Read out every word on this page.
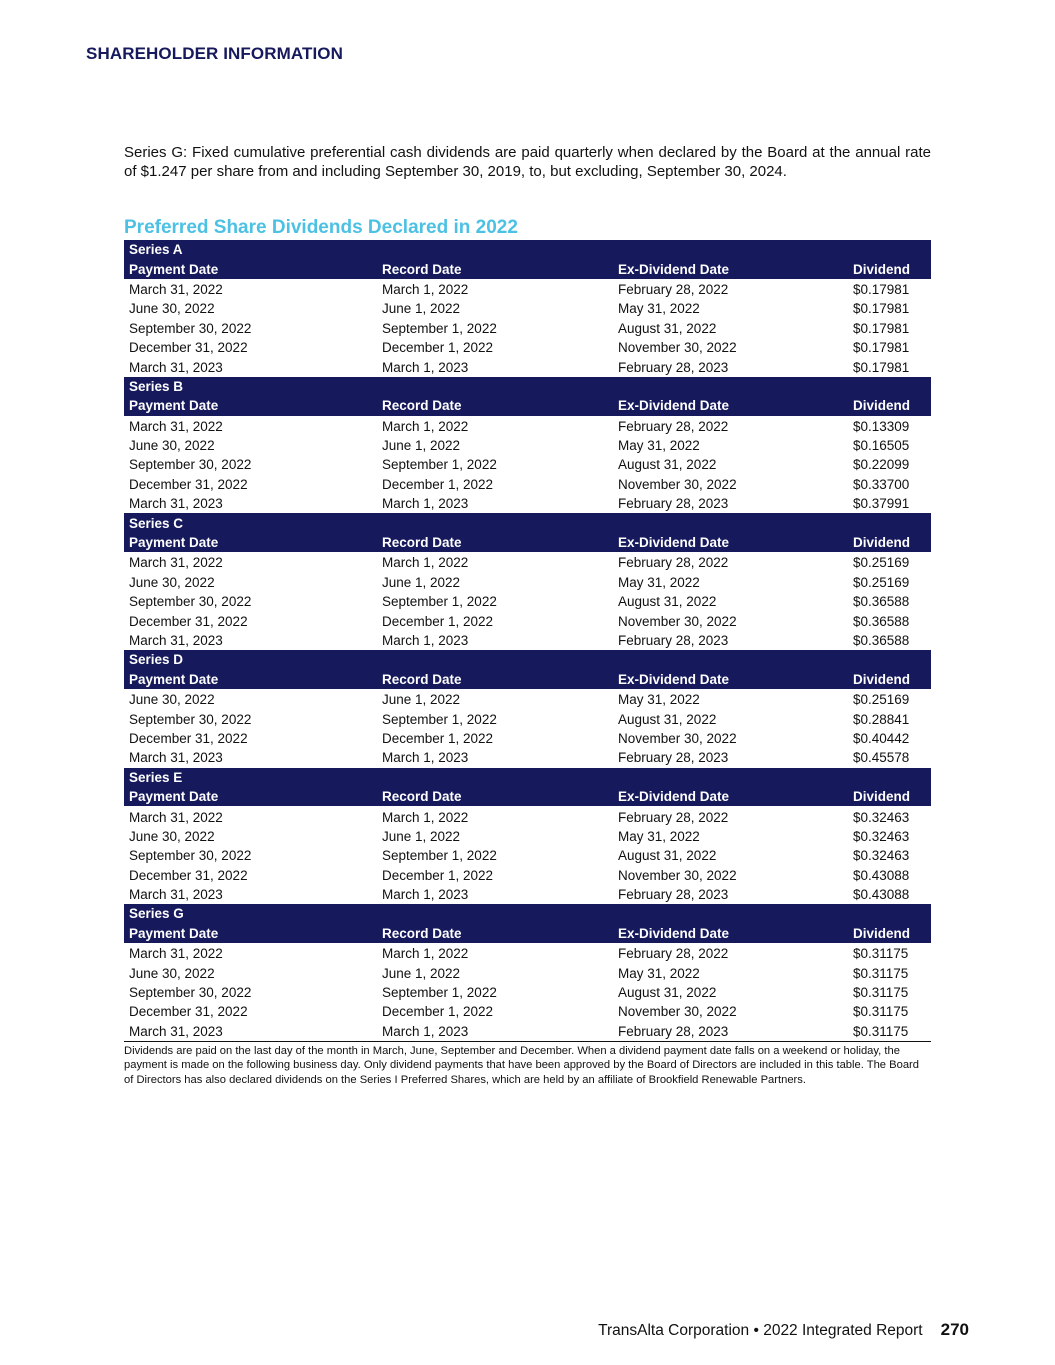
SHAREHOLDER INFORMATION
Series G: Fixed cumulative preferential cash dividends are paid quarterly when declared by the Board at the annual rate of $1.247 per share from and including September 30, 2019, to, but excluding, September 30, 2024.
Preferred Share Dividends Declared in 2022
Series A			
Payment Date	Record Date	Ex-Dividend Date	Dividend
March 31, 2022	March 1, 2022	February 28, 2022	$0.17981
June 30, 2022	June 1, 2022	May 31, 2022	$0.17981
September 30, 2022	September 1, 2022	August 31, 2022	$0.17981
December 31, 2022	December 1, 2022	November 30, 2022	$0.17981
March 31, 2023	March 1, 2023	February 28, 2023	$0.17981
Series B			
Payment Date	Record Date	Ex-Dividend Date	Dividend
March 31, 2022	March 1, 2022	February 28, 2022	$0.13309
June 30, 2022	June 1, 2022	May 31, 2022	$0.16505
September 30, 2022	September 1, 2022	August 31, 2022	$0.22099
December 31, 2022	December 1, 2022	November 30, 2022	$0.33700
March 31, 2023	March 1, 2023	February 28, 2023	$0.37991
Series C			
Payment Date	Record Date	Ex-Dividend Date	Dividend
March 31, 2022	March 1, 2022	February 28, 2022	$0.25169
June 30, 2022	June 1, 2022	May 31, 2022	$0.25169
September 30, 2022	September 1, 2022	August 31, 2022	$0.36588
December 31, 2022	December 1, 2022	November 30, 2022	$0.36588
March 31, 2023	March 1, 2023	February 28, 2023	$0.36588
Series D			
Payment Date	Record Date	Ex-Dividend Date	Dividend
June 30, 2022	June 1, 2022	May 31, 2022	$0.25169
September 30, 2022	September 1, 2022	August 31, 2022	$0.28841
December 31, 2022	December 1, 2022	November 30, 2022	$0.40442
March 31, 2023	March 1, 2023	February 28, 2023	$0.45578
Series E			
Payment Date	Record Date	Ex-Dividend Date	Dividend
March 31, 2022	March 1, 2022	February 28, 2022	$0.32463
June 30, 2022	June 1, 2022	May 31, 2022	$0.32463
September 30, 2022	September 1, 2022	August 31, 2022	$0.32463
December 31, 2022	December 1, 2022	November 30, 2022	$0.43088
March 31, 2023	March 1, 2023	February 28, 2023	$0.43088
Series G			
Payment Date	Record Date	Ex-Dividend Date	Dividend
March 31, 2022	March 1, 2022	February 28, 2022	$0.31175
June 30, 2022	June 1, 2022	May 31, 2022	$0.31175
September 30, 2022	September 1, 2022	August 31, 2022	$0.31175
December 31, 2022	December 1, 2022	November 30, 2022	$0.31175
March 31, 2023	March 1, 2023	February 28, 2023	$0.31175
Dividends are paid on the last day of the month in March, June, September and December. When a dividend payment date falls on a weekend or holiday, the payment is made on the following business day. Only dividend payments that have been approved by the Board of Directors are included in this table. The Board of Directors has also declared dividends on the Series I Preferred Shares, which are held by an affiliate of Brookfield Renewable Partners.
TransAlta Corporation • 2022 Integrated Report 270
